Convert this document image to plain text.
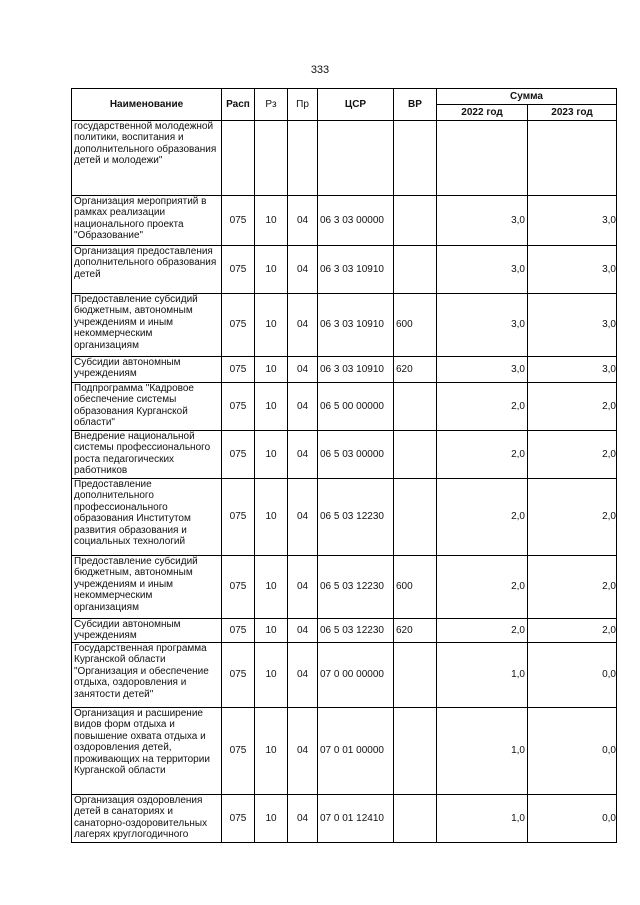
333
Наименование	Расп	Рз	Пр	ЦСР	ВР	Сумма	
						2022 год	2023 год
государственной молодежной политики, воспитания и дополнительного образования детей и молодежи"							
Организация мероприятий в рамках реализации национального проекта "Образование"	075	10	04	06 3 03 00000		3,0	3,0
Организация предоставления дополнительного образования детей	075	10	04	06 3 03 10910		3,0	3,0
Предоставление субсидий бюджетным, автономным учреждениям и иным некоммерческим организациям	075	10	04	06 3 03 10910	600	3,0	3,0
Субсидии автономным учреждениям	075	10	04	06 3 03 10910	620	3,0	3,0
Подпрограмма "Кадровое обеспечение системы образования Курганской области"	075	10	04	06 5 00 00000		2,0	2,0
Внедрение национальной системы профессионального роста педагогических работников	075	10	04	06 5 03 00000		2,0	2,0
Предоставление дополнительного профессионального образования Институтом развития образования и социальных технологий	075	10	04	06 5 03 12230		2,0	2,0
Предоставление субсидий бюджетным, автономным учреждениям и иным некоммерческим организациям	075	10	04	06 5 03 12230	600	2,0	2,0
Субсидии автономным учреждениям	075	10	04	06 5 03 12230	620	2,0	2,0
Государственная программа Курганской области "Организация и обеспечение отдыха, оздоровления и занятости детей"	075	10	04	07 0 00 00000		1,0	0,0
Организация и расширение видов форм отдыха и повышение охвата отдыха и оздоровления детей, проживающих на территории Курганской области	075	10	04	07 0 01 00000		1,0	0,0
Организация оздоровления детей в санаториях и санаторно-оздоровительных лагерях круглогодичного	075	10	04	07 0 01 12410		1,0	0,0
